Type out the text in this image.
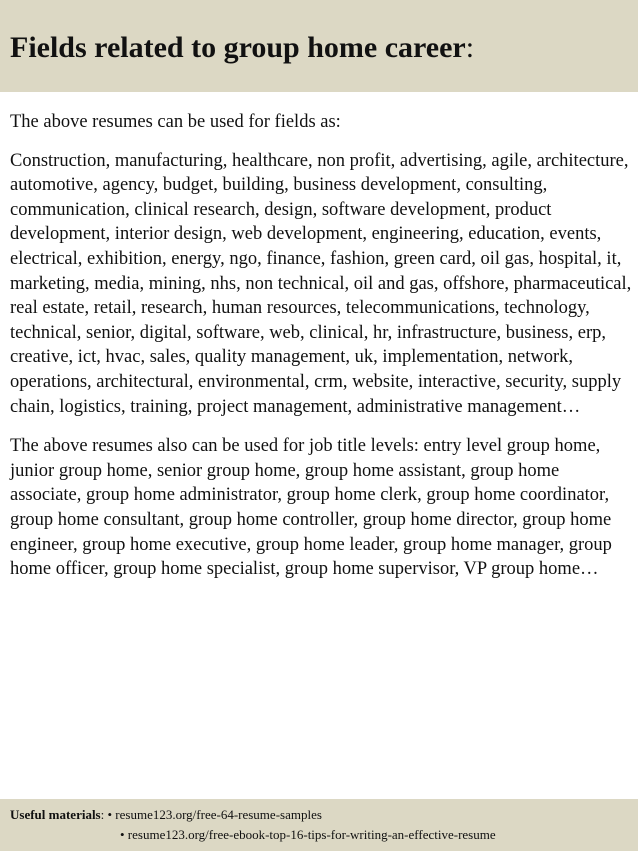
Fields related to group home career:

The above resumes can be used for fields as:

Construction, manufacturing, healthcare, non profit, advertising, agile, architecture, automotive, agency, budget, building, business development, consulting, communication, clinical research, design, software development, product development, interior design, web development, engineering, education, events, electrical, exhibition, energy, ngo, finance, fashion, green card, oil gas, hospital, it, marketing, media, mining, nhs, non technical, oil and gas, offshore, pharmaceutical, real estate, retail, research, human resources, telecommunications, technology, technical, senior, digital, software, web, clinical, hr, infrastructure, business, erp, creative, ict, hvac, sales, quality management, uk, implementation, network, operations, architectural, environmental, crm, website, interactive, security, supply chain, logistics, training, project management, administrative management…

The above resumes also can be used for job title levels: entry level group home, junior group home, senior group home, group home assistant, group home associate, group home administrator, group home clerk, group home coordinator, group home consultant, group home controller, group home director, group home engineer, group home executive, group home leader, group home manager, group home officer, group home specialist, group home supervisor, VP group home…

Useful materials : • resume123.org/free-64-resume-samples
• resume123.org/free-ebook-top-16-tips-for-writing-an-effective-resume
